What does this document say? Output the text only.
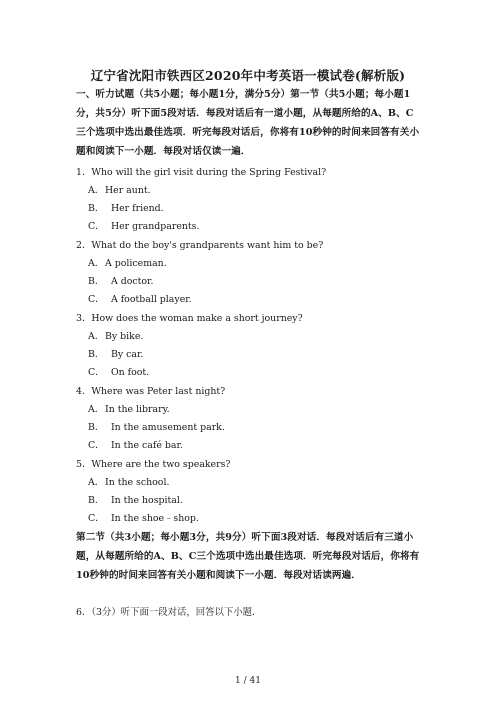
辽宁省沈阳市铁西区2020年中考英语一模试卷(解析版)
一、听力试题（共5小题；每小题1分，满分5分）第一节（共5小题；每小题1分，共5分）听下面5段对话．每段对话后有一道小题，从每题所给的A、B、C三个选项中选出最佳选项．听完每段对话后，你将有10秒钟的时间来回答有关小题和阅读下一小题．每段对话仅读一遍．
1．Who will the girl visit during the Spring Festival?
A．Her aunt.
B．  Her friend.
C．  Her grandparents.
2．What do the boy's grandparents want him to be?
A．A policeman.
B．  A doctor.
C．  A football player.
3．How does the woman make a short journey?
A．By bike.
B．  By car.
C．  On foot.
4．Where was Peter last night?
A．In the library.
B．  In the amusement park.
C．  In the café bar.
5．Where are the two speakers?
A．In the school.
B．  In the hospital.
C．  In the shoe﹣shop.
第二节（共3小题；每小题3分，共9分）听下面3段对话．每段对话后有三道小题，从每题所给的A、B、C三个选项中选出最佳选项．听完每段对话后，你将有10秒钟的时间来回答有关小题和阅读下一小题．每段对话读两遍．
6．（3分）听下面一段对话，回答以下小题．
1 / 41
